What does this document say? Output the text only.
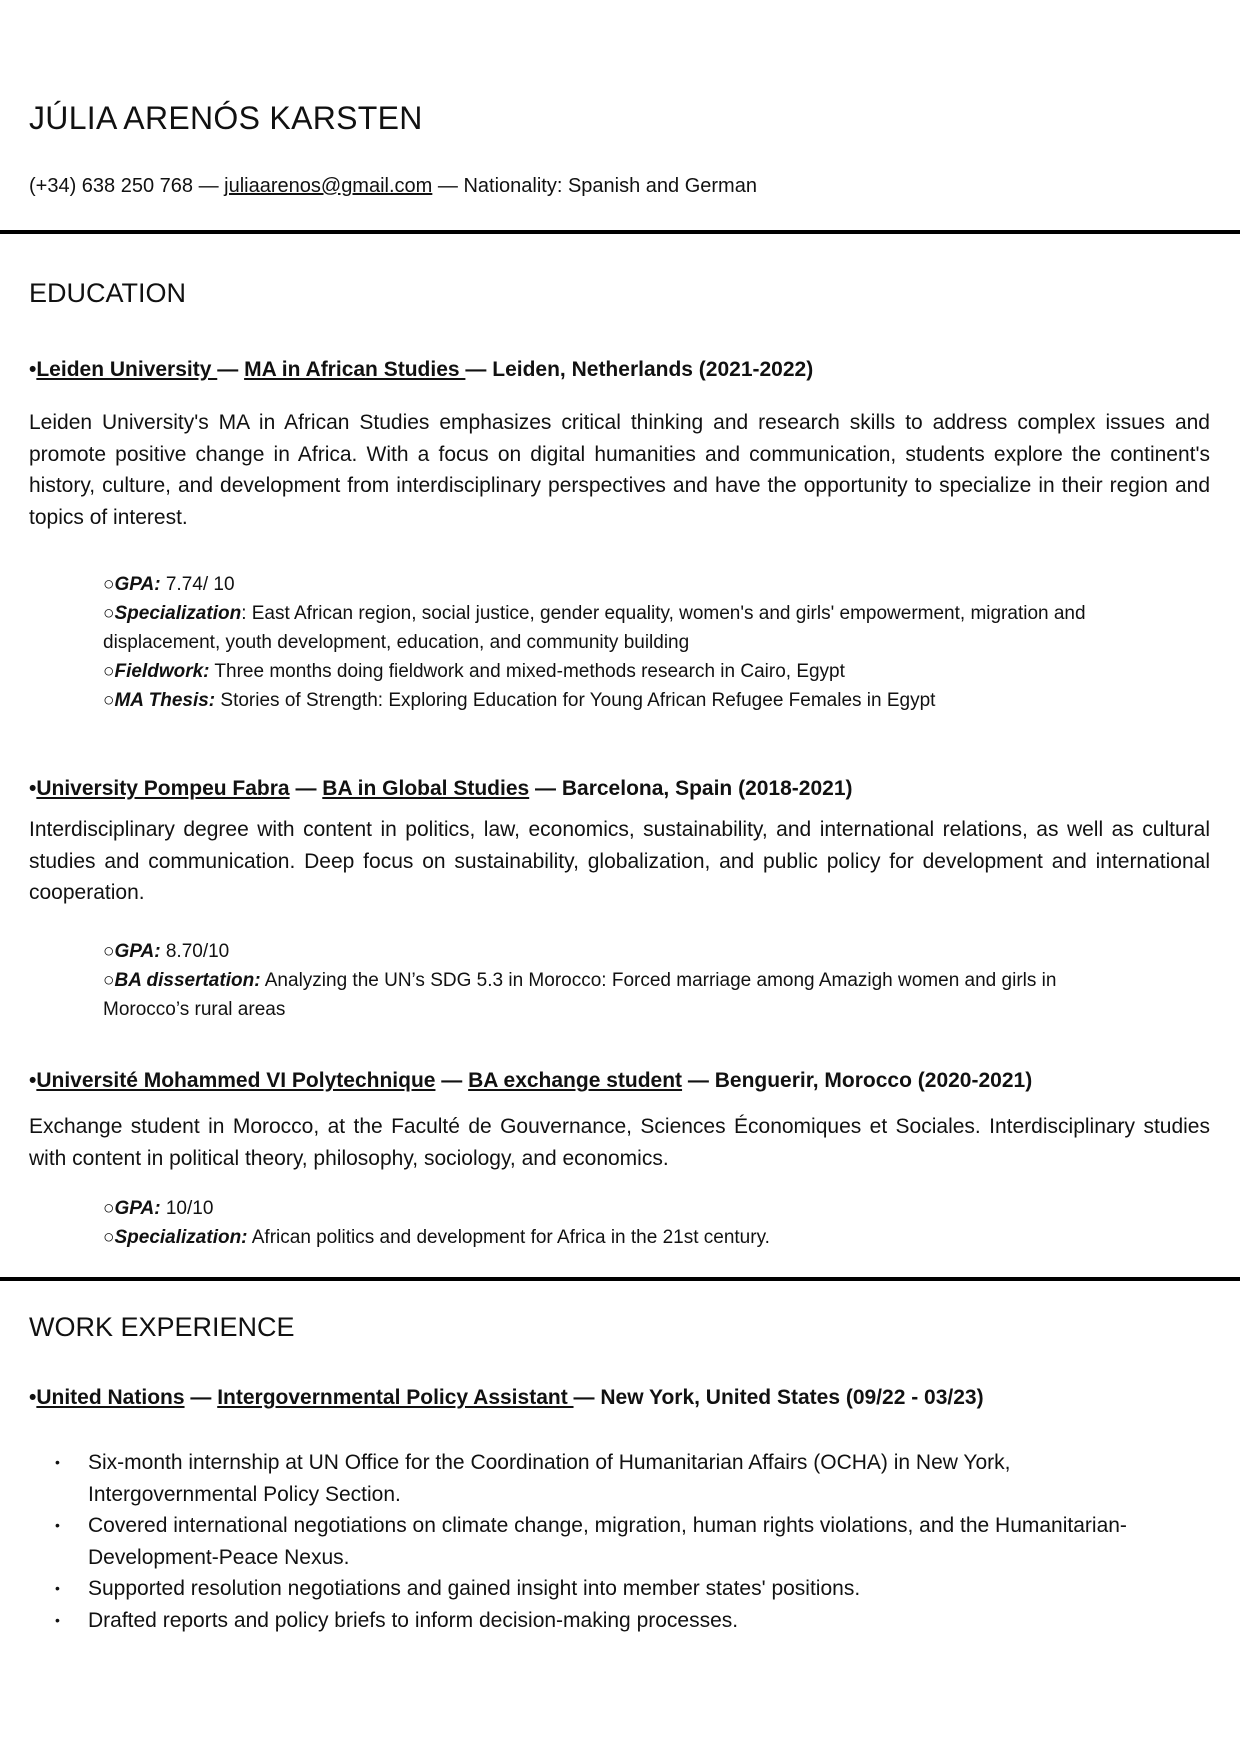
JÚLIA ARENÓS KARSTEN
(+34) 638 250 768 — juliaarenos@gmail.com — Nationality: Spanish and German
EDUCATION
•Leiden University — MA in African Studies — Leiden, Netherlands (2021-2022)
Leiden University's MA in African Studies emphasizes critical thinking and research skills to address complex issues and promote positive change in Africa. With a focus on digital humanities and communication, students explore the continent's history, culture, and development from interdisciplinary perspectives and have the opportunity to specialize in their region and topics of interest.
○GPA: 7.74/ 10
○Specialization: East African region, social justice, gender equality, women's and girls' empowerment, migration and displacement, youth development, education, and community building
○Fieldwork: Three months doing fieldwork and mixed-methods research in Cairo, Egypt
○MA Thesis: Stories of Strength: Exploring Education for Young African Refugee Females in Egypt
•University Pompeu Fabra — BA in Global Studies — Barcelona, Spain (2018-2021)
Interdisciplinary degree with content in politics, law, economics, sustainability, and international relations, as well as cultural studies and communication. Deep focus on sustainability, globalization, and public policy for development and international cooperation.
○GPA: 8.70/10
○BA dissertation: Analyzing the UN’s SDG 5.3 in Morocco: Forced marriage among Amazigh women and girls in Morocco’s rural areas
•Université Mohammed VI Polytechnique — BA exchange student — Benguerir, Morocco (2020-2021)
Exchange student in Morocco, at the Faculté de Gouvernance, Sciences Économiques et Sociales. Interdisciplinary studies with content in political theory, philosophy, sociology, and economics.
○GPA: 10/10
○Specialization: African politics and development for Africa in the 21st century.
WORK EXPERIENCE
•United Nations — Intergovernmental Policy Assistant — New York, United States (09/22 - 03/23)
• Six-month internship at UN Office for the Coordination of Humanitarian Affairs (OCHA) in New York, Intergovernmental Policy Section.
• Covered international negotiations on climate change, migration, human rights violations, and the Humanitarian-Development-Peace Nexus.
• Supported resolution negotiations and gained insight into member states' positions.
• Drafted reports and policy briefs to inform decision-making processes.
